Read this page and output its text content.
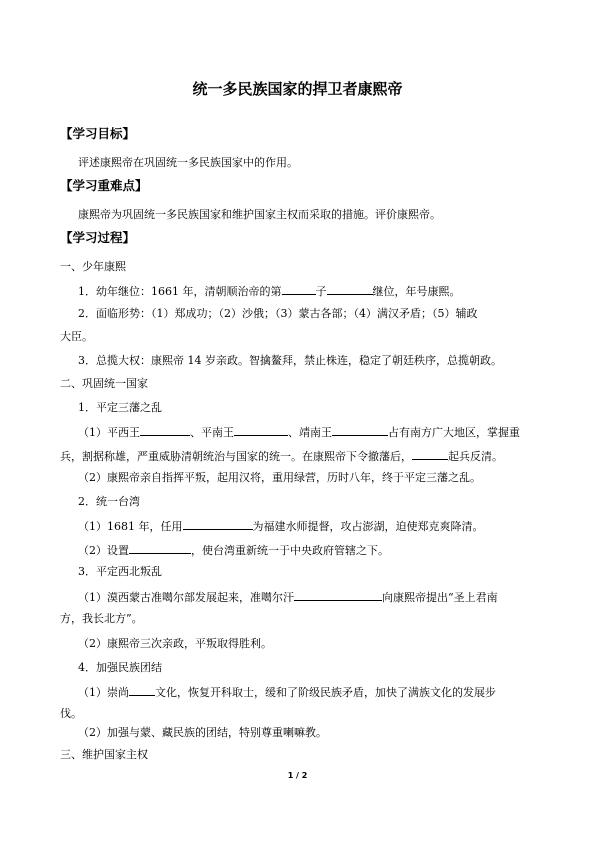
统一多民族国家的捍卫者康熙帝
【学习目标】
评述康熙帝在巩固统一多民族国家中的作用。
【学习重难点】
康熙帝为巩固统一多民族国家和维护国家主权而采取的措施。评价康熙帝。
【学习过程】
一、少年康熙
1．幼年继位：1661 年，清朝顺治帝的第	子	继位，年号康熙。
2．面临形势：（1）郑成功；（2）沙俄；（3）蒙古各部；（4）满汉矛盾；（5）辅政
大臣。
3．总揽大权：康熙帝 14 岁亲政。智擒鳌拜，禁止株连，稳定了朝廷秩序，总揽朝政。
二、巩固统一国家
1．平定三藩之乱
（1）平西王	、平南王	、靖南王	占有南方广大地区，掌握重
兵，割据称雄，严重威胁清朝统治与国家的统一。在康熙帝下令撤藩后，	起兵反清。
（2）康熙帝亲自指挥平叛，起用汉将，重用绿营，历时八年，终于平定三藩之乱。
2．统一台湾
（1）1681 年，任用	为福建水师提督，攻占澎湖，迫使郑克爽降清。
（2）设置	，使台湾重新统一于中央政府管辖之下。
3．平定西北叛乱
（1）漠西蒙古准噶尔部发展起来，准噶尔汗	向康熙帝提出“圣上君南
方，我长北方”。
（2）康熙帝三次亲政，平叛取得胜利。
4．加强民族团结
（1）崇尚 文化，恢复开科取士，缓和了阶级民族矛盾，加快了满族文化的发展步
伐。
（2）加强与蒙、藏民族的团结，特别尊重喇嘛教。
三、维护国家主权
1 / 2
